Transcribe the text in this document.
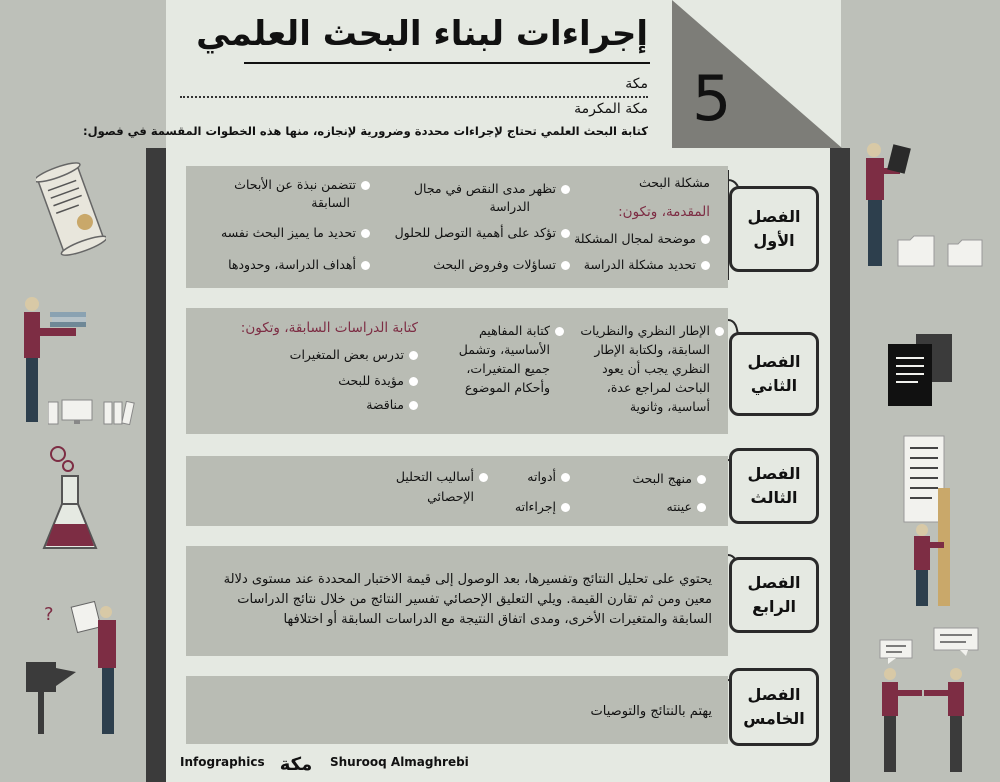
إجراءات لبناء البحث العلمي
5
مكة
مكة المكرمة
كتابة البحث العلمي تحتاج لإجراءات محددة وضرورية لإنجازه، منها هذه الخطوات المقسمة في فصول:
مشكلة البحث
المقدمة، وتكون:
موضحة لمجال المشكلة
تحديد مشكلة الدراسة
تظهر مدى النقص في مجال
الدراسة
تؤكد على أهمية التوصل للحلول
تساؤلات وفروض البحث
تتضمن نبذة عن الأبحاث
السابقة
تحديد ما يميز البحث نفسه
أهداف الدراسة، وحدودها
الإطار النظري والنظريات
السابقة، ولكتابة الإطار
النظري يجب أن يعود
الباحث لمراجع عدة،
أساسية، وثانوية
كتابة المفاهيم
الأساسية، وتشمل
جميع المتغيرات،
وأحكام الموضوع
كتابة الدراسات السابقة، وتكون:
تدرس بعض المتغيرات
مؤيدة للبحث
مناقضة
منهج البحث
عينته
أدواته
إجراءاته
أساليب التحليل
الإحصائي
يحتوي على تحليل النتائج وتفسيرها، بعد الوصول إلى قيمة الاختبار المحددة عند مستوى دلالة
معين ومن ثم تقارن القيمة. ويلي التعليق الإحصائي تفسير النتائج من خلال نتائج الدراسات
السابقة والمتغيرات الأخرى، ومدى اتفاق النتيجة مع الدراسات السابقة أو اختلافها
يهتم بالنتائج والتوصيات
الفصل
الأول
الفصل
الثاني
الفصل
الثالث
الفصل
الرابع
الفصل
الخامس
Infographics مكة Shurooq Almaghrebi
?
